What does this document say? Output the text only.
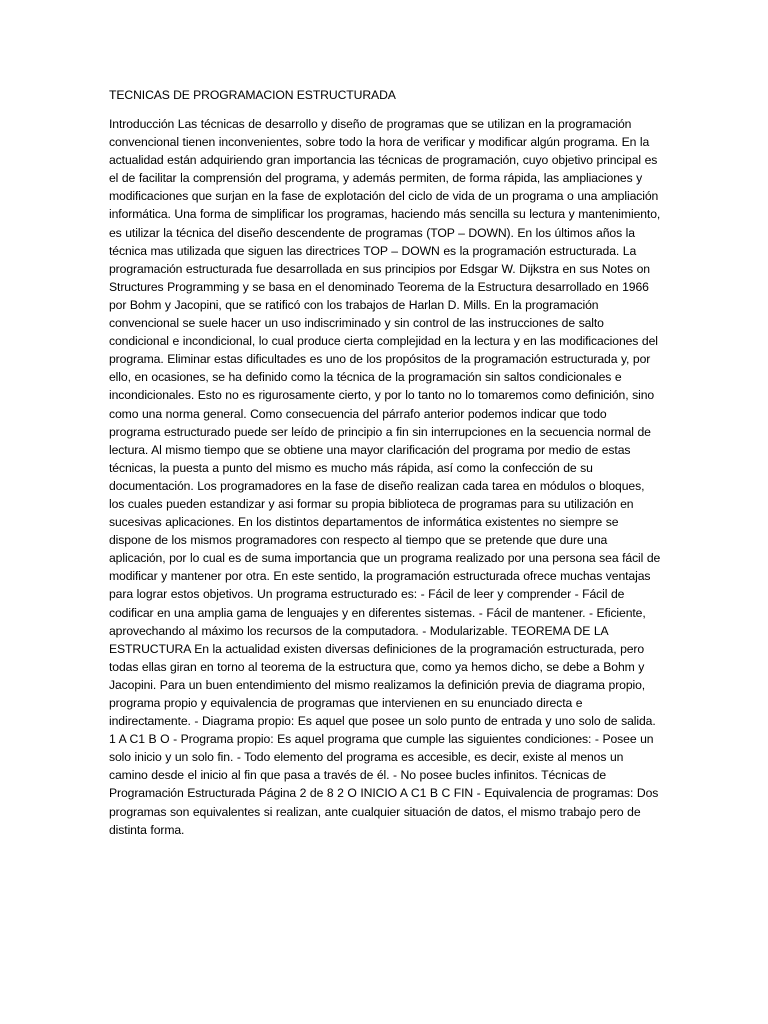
TECNICAS DE PROGRAMACION ESTRUCTURADA

Introducción Las técnicas de desarrollo y diseño de programas que se utilizan en la programación convencional tienen inconvenientes, sobre todo la hora de verificar y modificar algún programa. En la actualidad están adquiriendo gran importancia las técnicas de programación, cuyo objetivo principal es el de facilitar la comprensión del programa, y además permiten, de forma rápida, las ampliaciones y modificaciones que surjan en la fase de explotación del ciclo de vida de un programa o una ampliación informática. Una forma de simplificar los programas, haciendo más sencilla su lectura y mantenimiento, es utilizar la técnica del diseño descendente de programas (TOP – DOWN). En los últimos años la técnica mas utilizada que siguen las directrices TOP – DOWN es la programación estructurada. La programación estructurada fue desarrollada en sus principios por Edsgar W. Dijkstra en sus Notes on Structures Programming y se basa en el denominado Teorema de la Estructura desarrollado en 1966 por Bohm y Jacopini, que se ratificó con los trabajos de Harlan D. Mills. En la programación convencional se suele hacer un uso indiscriminado y sin control de las instrucciones de salto condicional e incondicional, lo cual produce cierta complejidad en la lectura y en las modificaciones del programa. Eliminar estas dificultades es uno de los propósitos de la programación estructurada y, por ello, en ocasiones, se ha definido como la técnica de la programación sin saltos condicionales e incondicionales. Esto no es rigurosamente cierto, y por lo tanto no lo tomaremos como definición, sino como una norma general. Como consecuencia del párrafo anterior podemos indicar que todo programa estructurado puede ser leído de principio a fin sin interrupciones en la secuencia normal de lectura. Al mismo tiempo que se obtiene una mayor clarificación del programa por medio de estas técnicas, la puesta a punto del mismo es mucho más rápida, así como la confección de su documentación. Los programadores en la fase de diseño realizan cada tarea en módulos o bloques, los cuales pueden estandizar y asi formar su propia biblioteca de programas para su utilización en sucesivas aplicaciones. En los distintos departamentos de informática existentes no siempre se dispone de los mismos programadores con respecto al tiempo que se pretende que dure una aplicación, por lo cual es de suma importancia que un programa realizado por una persona sea fácil de modificar y mantener por otra. En este sentido, la programación estructurada ofrece muchas ventajas para lograr estos objetivos. Un programa estructurado es: - Fácil de leer y comprender - Fácil de codificar en una amplia gama de lenguajes y en diferentes sistemas. - Fácil de mantener. - Eficiente, aprovechando al máximo los recursos de la computadora. - Modularizable. TEOREMA DE LA ESTRUCTURA En la actualidad existen diversas definiciones de la programación estructurada, pero todas ellas giran en torno al teorema de la estructura que, como ya hemos dicho, se debe a Bohm y Jacopini. Para un buen entendimiento del mismo realizamos la definición previa de diagrama propio, programa propio y equivalencia de programas que intervienen en su enunciado directa e indirectamente. - Diagrama propio: Es aquel que posee un solo punto de entrada y uno solo de salida. 1 A C1 B O - Programa propio: Es aquel programa que cumple las siguientes condiciones: - Posee un solo inicio y un solo fin. - Todo elemento del programa es accesible, es decir, existe al menos un camino desde el inicio al fin que pasa a través de él. - No posee bucles infinitos. Técnicas de Programación Estructurada Página 2 de 8 2 O INICIO A C1 B C FIN - Equivalencia de programas: Dos programas son equivalentes si realizan, ante cualquier situación de datos, el mismo trabajo pero de distinta forma.
